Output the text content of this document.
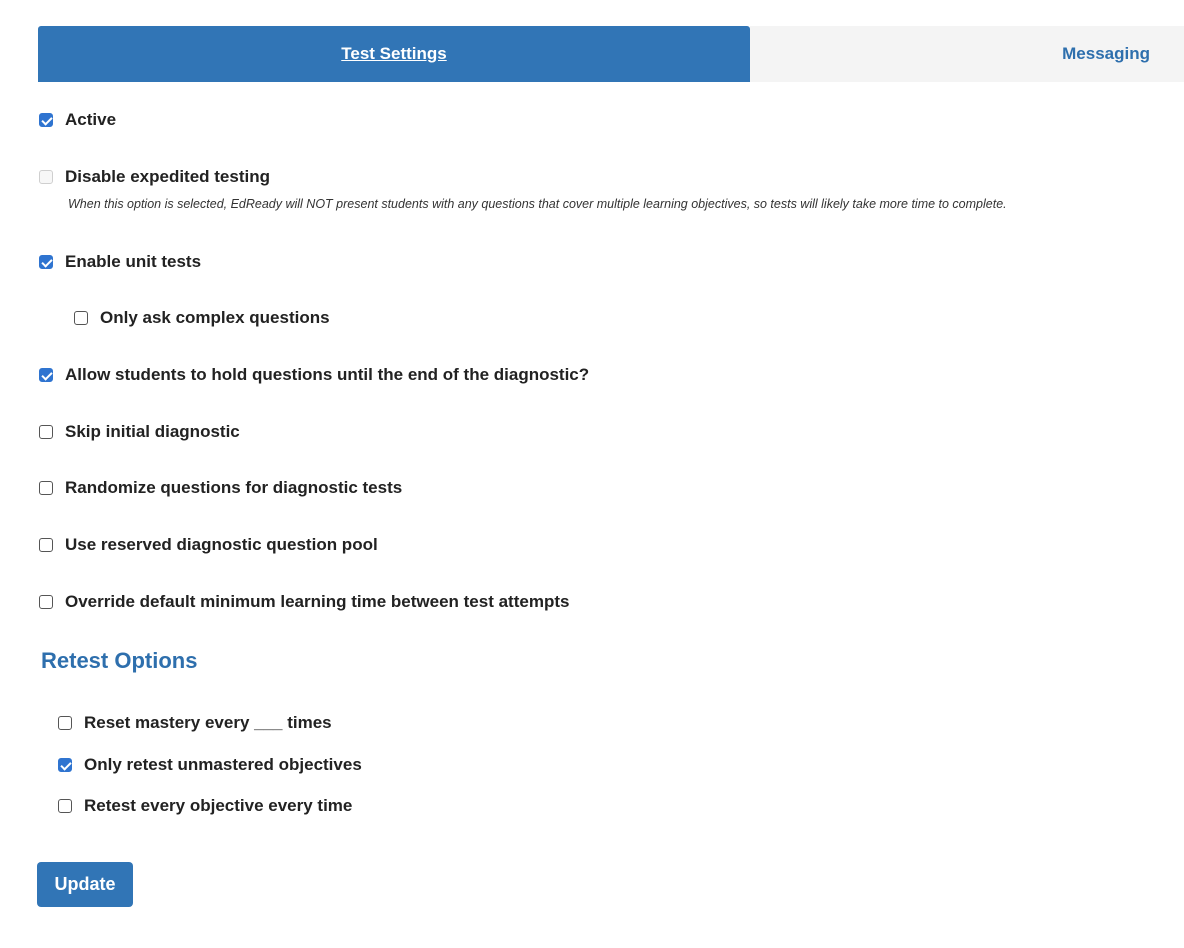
Test Settings	Messaging
Active
Disable expedited testing
When this option is selected, EdReady will NOT present students with any questions that cover multiple learning objectives, so tests will likely take more time to complete.
Enable unit tests
Only ask complex questions
Allow students to hold questions until the end of the diagnostic?
Skip initial diagnostic
Randomize questions for diagnostic tests
Use reserved diagnostic question pool
Override default minimum learning time between test attempts
Retest Options
Reset mastery every ___ times
Only retest unmastered objectives
Retest every objective every time
Update
